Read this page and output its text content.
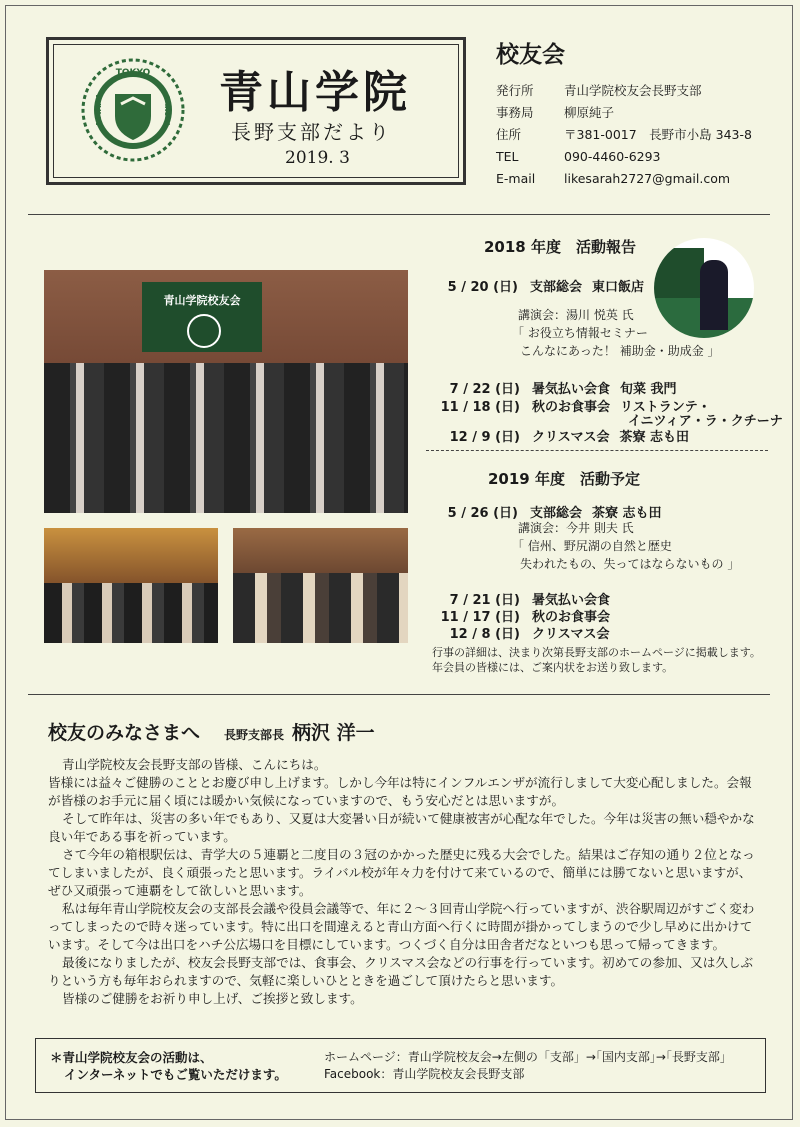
TOKYO
AOYAMA	GAKUIN 青山学院
長野支部だより
2019. 3
校友会
発行所	青山学院校友会長野支部
事務局	柳原純子
住所	〒381-0017　長野市小島 343-8
TEL	090-4460-6293
E-mail	likesarah2727@gmail.com
青山学院校友会
2018 年度　活動報告
5 / 20 (日) 支部総会 東口飯店
講演会：湯川 悦英 氏
「 お役立ち情報セミナー
こんなにあった！ 補助金・助成金 」
7 / 22 (日) 暑気払い会食 旬菜 我門
11 / 18 (日) 秋のお食事会 リストランテ・
イニツィア・ラ・クチーナ
12 / 9 (日) クリスマス会 茶寮 志も田
2019 年度　活動予定
5 / 26 (日) 支部総会 茶寮 志も田
講演会：今井 則夫 氏
「 信州、野尻湖の自然と歴史
失われたもの、失ってはならないもの 」
7 / 21 (日) 暑気払い会食
11 / 17 (日) 秋のお食事会
12 / 8 (日) クリスマス会
行事の詳細は、決まり次第長野支部のホームページに掲載します。
年会員の皆様には、ご案内状をお送り致します。
校友のみなさまへ 長野支部長 柄沢 洋一

青山学院校友会長野支部の皆様、こんにちは。

皆様には益々ご健勝のこととお慶び申し上げます。しかし今年は特にインフルエンザが流行しまして大変心配しました。会報が皆様のお手元に届く頃には暖かい気候になっていますので、もう安心だとは思いますが。

そして昨年は、災害の多い年でもあり、又夏は大変暑い日が続いて健康被害が心配な年でした。今年は災害の無い穏やかな良い年である事を祈っています。

さて今年の箱根駅伝は、青学大の５連覇と二度目の３冠のかかった歴史に残る大会でした。結果はご存知の通り２位となってしまいましたが、良く頑張ったと思います。ライバル校が年々力を付けて来ているので、簡単には勝てないと思いますが、ぜひ又頑張って連覇をして欲しいと思います。

私は毎年青山学院校友会の支部長会議や役員会議等で、年に２～３回青山学院へ行っていますが、渋谷駅周辺がすごく変わってしまったので時々迷っています。特に出口を間違えると青山方面へ行くに時間が掛かってしまうので少し早めに出かけています。そして今は出口をハチ公広場口を目標にしています。つくづく自分は田舎者だなといつも思って帰ってきます。

最後になりましたが、校友会長野支部では、食事会、クリスマス会などの行事を行っています。初めての参加、又は久しぶりという方も毎年おられますので、気軽に楽しいひとときを過ごして頂けたらと思います。

皆様のご健勝をお祈り申し上げ、ご挨拶と致します。

＊青山学院校友会の活動は、
インターネットでもご覧いただけます。
ホームページ：青山学院校友会→左側の「支部」→｢国内支部｣→｢長野支部｣
Facebook：青山学院校友会長野支部
